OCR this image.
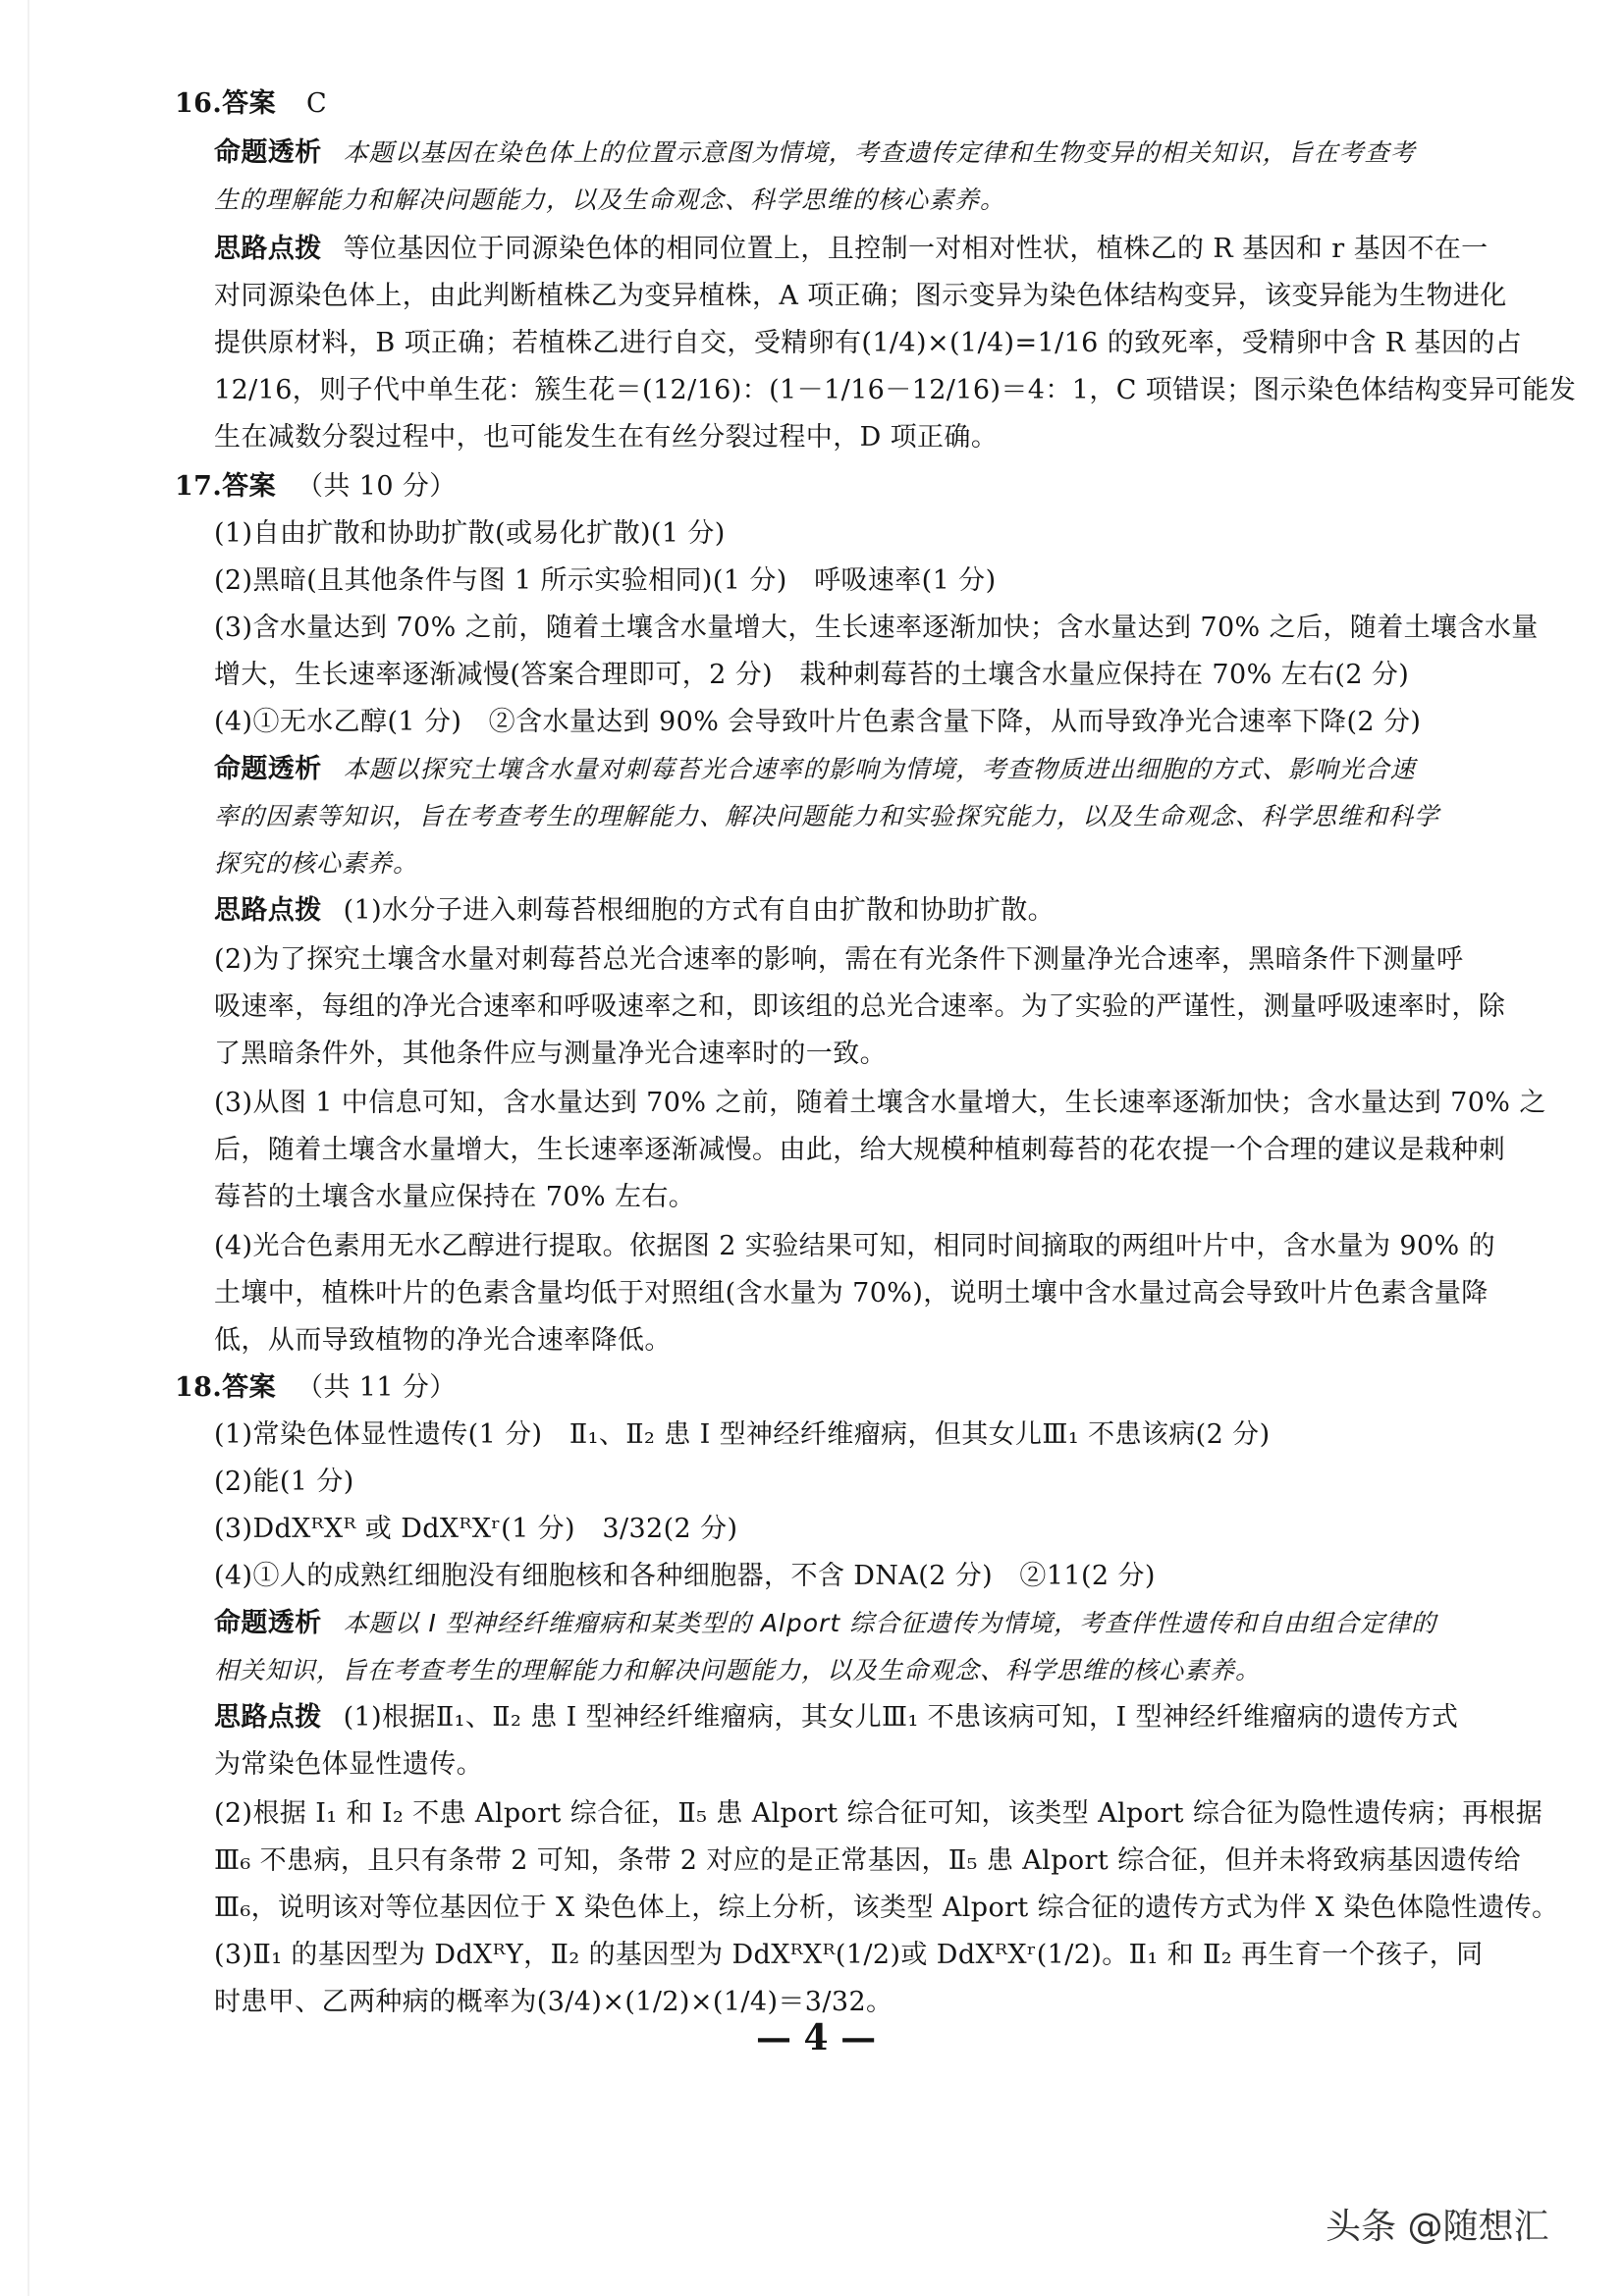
16.答案 C
命题透析 本题以基因在染色体上的位置示意图为情境，考查遗传定律和生物变异的相关知识，旨在考查考
生的理解能力和解决问题能力，以及生命观念、科学思维的核心素养。
思路点拨 等位基因位于同源染色体的相同位置上，且控制一对相对性状，植株乙的 R 基因和 r 基因不在一
对同源染色体上，由此判断植株乙为变异植株，A 项正确；图示变异为染色体结构变异，该变异能为生物进化
提供原材料，B 项正确；若植株乙进行自交，受精卵有(1/4)×(1/4)=1/16 的致死率，受精卵中含 R 基因的占
12/16，则子代中单生花：簇生花＝(12/16)：(1－1/16－12/16)＝4：1，C 项错误；图示染色体结构变异可能发
生在减数分裂过程中，也可能发生在有丝分裂过程中，D 项正确。
17.答案 （共 10 分）
(1)自由扩散和协助扩散(或易化扩散)(1 分)
(2)黑暗(且其他条件与图 1 所示实验相同)(1 分)　呼吸速率(1 分)
(3)含水量达到 70% 之前，随着土壤含水量增大，生长速率逐渐加快；含水量达到 70% 之后，随着土壤含水量
增大，生长速率逐渐减慢(答案合理即可，2 分)　栽种刺莓苔的土壤含水量应保持在 70% 左右(2 分)
(4)①无水乙醇(1 分)　②含水量达到 90% 会导致叶片色素含量下降，从而导致净光合速率下降(2 分)
命题透析 本题以探究土壤含水量对刺莓苔光合速率的影响为情境，考查物质进出细胞的方式、影响光合速
率的因素等知识，旨在考查考生的理解能力、解决问题能力和实验探究能力，以及生命观念、科学思维和科学
探究的核心素养。
思路点拨 (1)水分子进入刺莓苔根细胞的方式有自由扩散和协助扩散。
(2)为了探究土壤含水量对刺莓苔总光合速率的影响，需在有光条件下测量净光合速率，黑暗条件下测量呼
吸速率，每组的净光合速率和呼吸速率之和，即该组的总光合速率。为了实验的严谨性，测量呼吸速率时，除
了黑暗条件外，其他条件应与测量净光合速率时的一致。
(3)从图 1 中信息可知，含水量达到 70% 之前，随着土壤含水量增大，生长速率逐渐加快；含水量达到 70% 之
后，随着土壤含水量增大，生长速率逐渐减慢。由此，给大规模种植刺莓苔的花农提一个合理的建议是栽种刺
莓苔的土壤含水量应保持在 70% 左右。
(4)光合色素用无水乙醇进行提取。依据图 2 实验结果可知，相同时间摘取的两组叶片中，含水量为 90% 的
土壤中，植株叶片的色素含量均低于对照组(含水量为 70%)，说明土壤中含水量过高会导致叶片色素含量降
低，从而导致植物的净光合速率降低。
18.答案 （共 11 分）
(1)常染色体显性遗传(1 分)　Ⅱ₁、Ⅱ₂ 患 Ⅰ 型神经纤维瘤病，但其女儿Ⅲ₁ 不患该病(2 分)
(2)能(1 分)
(3)DdXᴿXᴿ 或 DdXᴿXʳ(1 分)　3/32(2 分)
(4)①人的成熟红细胞没有细胞核和各种细胞器，不含 DNA(2 分)　②11(2 分)
命题透析 本题以 Ⅰ 型神经纤维瘤病和某类型的 Alport 综合征遗传为情境，考查伴性遗传和自由组合定律的
相关知识，旨在考查考生的理解能力和解决问题能力，以及生命观念、科学思维的核心素养。
思路点拨 (1)根据Ⅱ₁、Ⅱ₂ 患 Ⅰ 型神经纤维瘤病，其女儿Ⅲ₁ 不患该病可知，Ⅰ 型神经纤维瘤病的遗传方式
为常染色体显性遗传。
(2)根据 Ⅰ₁ 和 Ⅰ₂ 不患 Alport 综合征，Ⅱ₅ 患 Alport 综合征可知，该类型 Alport 综合征为隐性遗传病；再根据
Ⅲ₆ 不患病，且只有条带 2 可知，条带 2 对应的是正常基因，Ⅱ₅ 患 Alport 综合征，但并未将致病基因遗传给
Ⅲ₆，说明该对等位基因位于 X 染色体上，综上分析，该类型 Alport 综合征的遗传方式为伴 X 染色体隐性遗传。
(3)Ⅱ₁ 的基因型为 DdXᴿY，Ⅱ₂ 的基因型为 DdXᴿXᴿ(1/2)或 DdXᴿXʳ(1/2)。Ⅱ₁ 和 Ⅱ₂ 再生育一个孩子，同
时患甲、乙两种病的概率为(3/4)×(1/2)×(1/4)＝3/32。
— 4 —
头条 @随想汇
